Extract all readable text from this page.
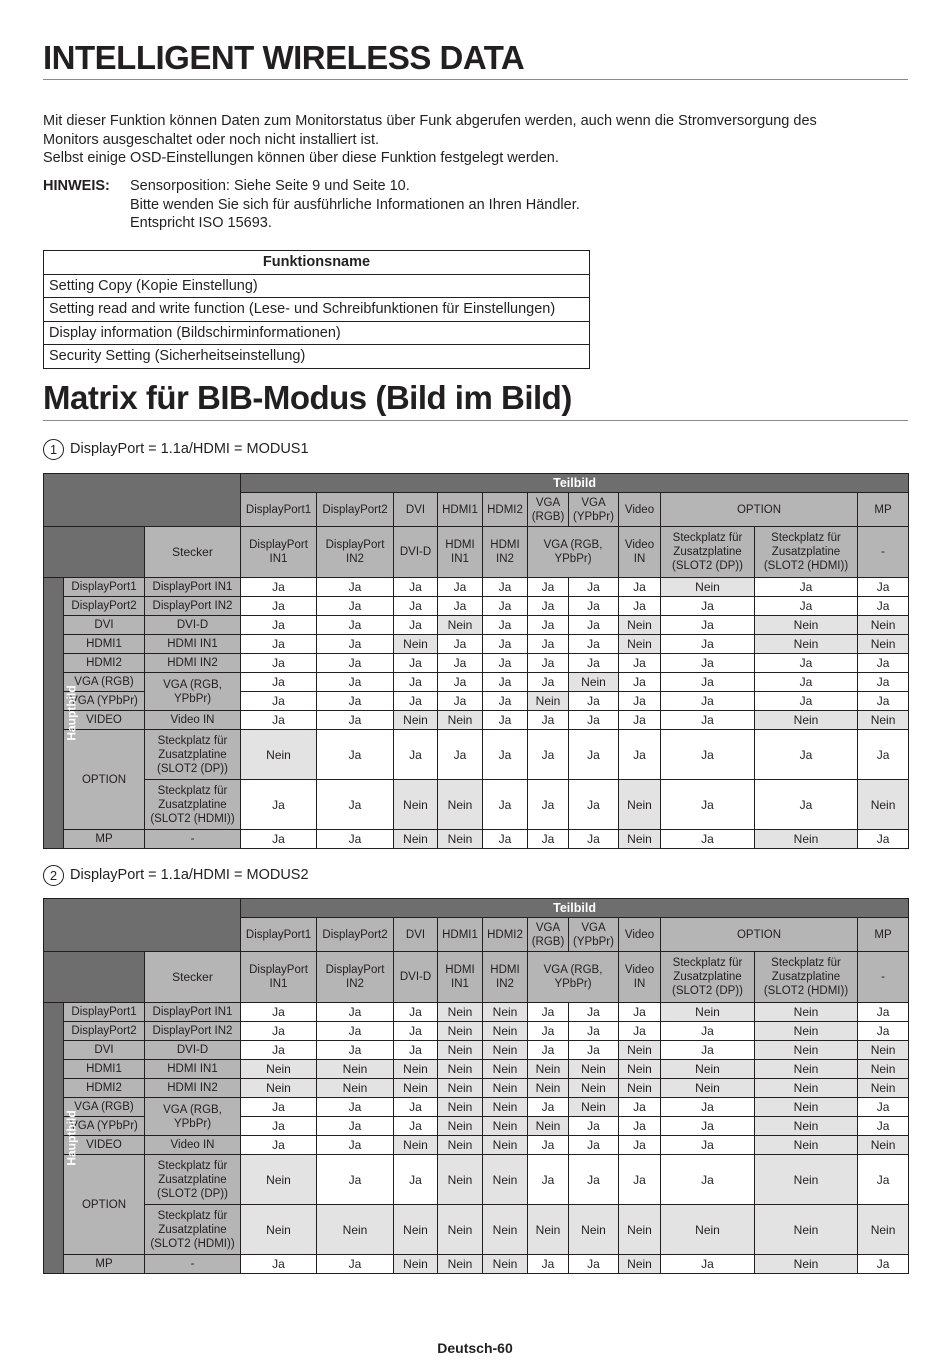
INTELLIGENT WIRELESS DATA
Mit dieser Funktion können Daten zum Monitorstatus über Funk abgerufen werden, auch wenn die Stromversorgung des
Monitors ausgeschaltet oder noch nicht installiert ist.
Selbst einige OSD-Einstellungen können über diese Funktion festgelegt werden.
HINWEIS:	Sensorposition: Siehe Seite 9 und Seite 10.
Bitte wenden Sie sich für ausführliche Informationen an Ihren Händler.
Entspricht ISO 15693.
Funktionsname
Setting Copy (Kopie Einstellung)
Setting read and write function (Lese- und Schreibfunktionen für Einstellungen)
Display information (Bildschirminformationen)
Security Setting (Sicherheitseinstellung)
Matrix für BIB-Modus (Bild im Bild)
1 DisplayPort = 1.1a/HDMI = MODUS1
			Teilbild										
			DisplayPort1	DisplayPort2	DVI	HDMI1	HDMI2	VGA (RGB)	VGA (YPbPr)	Video	OPTION		MP
		Stecker	DisplayPort IN1	DisplayPort IN2	DVI-D	HDMI IN1	HDMI IN2	VGA (RGB, YPbPr)		Video IN	Steckplatz für Zusatzplatine (SLOT2 (DP))	Steckplatz für Zusatzplatine (SLOT2 (HDMI))	-
Hauptbild	DisplayPort1	DisplayPort IN1	Ja	Ja	Ja	Ja	Ja	Ja	Ja	Ja	Nein	Ja	Ja
	DisplayPort2	DisplayPort IN2	Ja	Ja	Ja	Ja	Ja	Ja	Ja	Ja	Ja	Ja	Ja
	DVI	DVI-D	Ja	Ja	Ja	Nein	Ja	Ja	Ja	Nein	Ja	Nein	Nein
	HDMI1	HDMI IN1	Ja	Ja	Nein	Ja	Ja	Ja	Ja	Nein	Ja	Nein	Nein
	HDMI2	HDMI IN2	Ja	Ja	Ja	Ja	Ja	Ja	Ja	Ja	Ja	Ja	Ja
	VGA (RGB)	VGA (RGB, YPbPr)	Ja	Ja	Ja	Ja	Ja	Ja	Nein	Ja	Ja	Ja	Ja
	VGA (YPbPr)		Ja	Ja	Ja	Ja	Ja	Nein	Ja	Ja	Ja	Ja	Ja
	VIDEO	Video IN	Ja	Ja	Nein	Nein	Ja	Ja	Ja	Ja	Ja	Nein	Nein
	OPTION	Steckplatz für Zusatzplatine (SLOT2 (DP))	Nein	Ja	Ja	Ja	Ja	Ja	Ja	Ja	Ja	Ja	Ja
		Steckplatz für Zusatzplatine (SLOT2 (HDMI))	Ja	Ja	Nein	Nein	Ja	Ja	Ja	Nein	Ja	Ja	Nein
	MP	-	Ja	Ja	Nein	Nein	Ja	Ja	Ja	Nein	Ja	Nein	Ja
2 DisplayPort = 1.1a/HDMI = MODUS2
			Teilbild										
			DisplayPort1	DisplayPort2	DVI	HDMI1	HDMI2	VGA (RGB)	VGA (YPbPr)	Video	OPTION		MP
		Stecker	DisplayPort IN1	DisplayPort IN2	DVI-D	HDMI IN1	HDMI IN2	VGA (RGB, YPbPr)		Video IN	Steckplatz für Zusatzplatine (SLOT2 (DP))	Steckplatz für Zusatzplatine (SLOT2 (HDMI))	-
Hauptbild	DisplayPort1	DisplayPort IN1	Ja	Ja	Ja	Nein	Nein	Ja	Ja	Ja	Nein	Nein	Ja
	DisplayPort2	DisplayPort IN2	Ja	Ja	Ja	Nein	Nein	Ja	Ja	Ja	Ja	Nein	Ja
	DVI	DVI-D	Ja	Ja	Ja	Nein	Nein	Ja	Ja	Nein	Ja	Nein	Nein
	HDMI1	HDMI IN1	Nein	Nein	Nein	Nein	Nein	Nein	Nein	Nein	Nein	Nein	Nein
	HDMI2	HDMI IN2	Nein	Nein	Nein	Nein	Nein	Nein	Nein	Nein	Nein	Nein	Nein
	VGA (RGB)	VGA (RGB, YPbPr)	Ja	Ja	Ja	Nein	Nein	Ja	Nein	Ja	Ja	Nein	Ja
	VGA (YPbPr)		Ja	Ja	Ja	Nein	Nein	Nein	Ja	Ja	Ja	Nein	Ja
	VIDEO	Video IN	Ja	Ja	Nein	Nein	Nein	Ja	Ja	Ja	Ja	Nein	Nein
	OPTION	Steckplatz für Zusatzplatine (SLOT2 (DP))	Nein	Ja	Ja	Nein	Nein	Ja	Ja	Ja	Ja	Nein	Ja
		Steckplatz für Zusatzplatine (SLOT2 (HDMI))	Nein	Nein	Nein	Nein	Nein	Nein	Nein	Nein	Nein	Nein	Nein
	MP	-	Ja	Ja	Nein	Nein	Nein	Ja	Ja	Nein	Ja	Nein	Ja
Deutsch-60
